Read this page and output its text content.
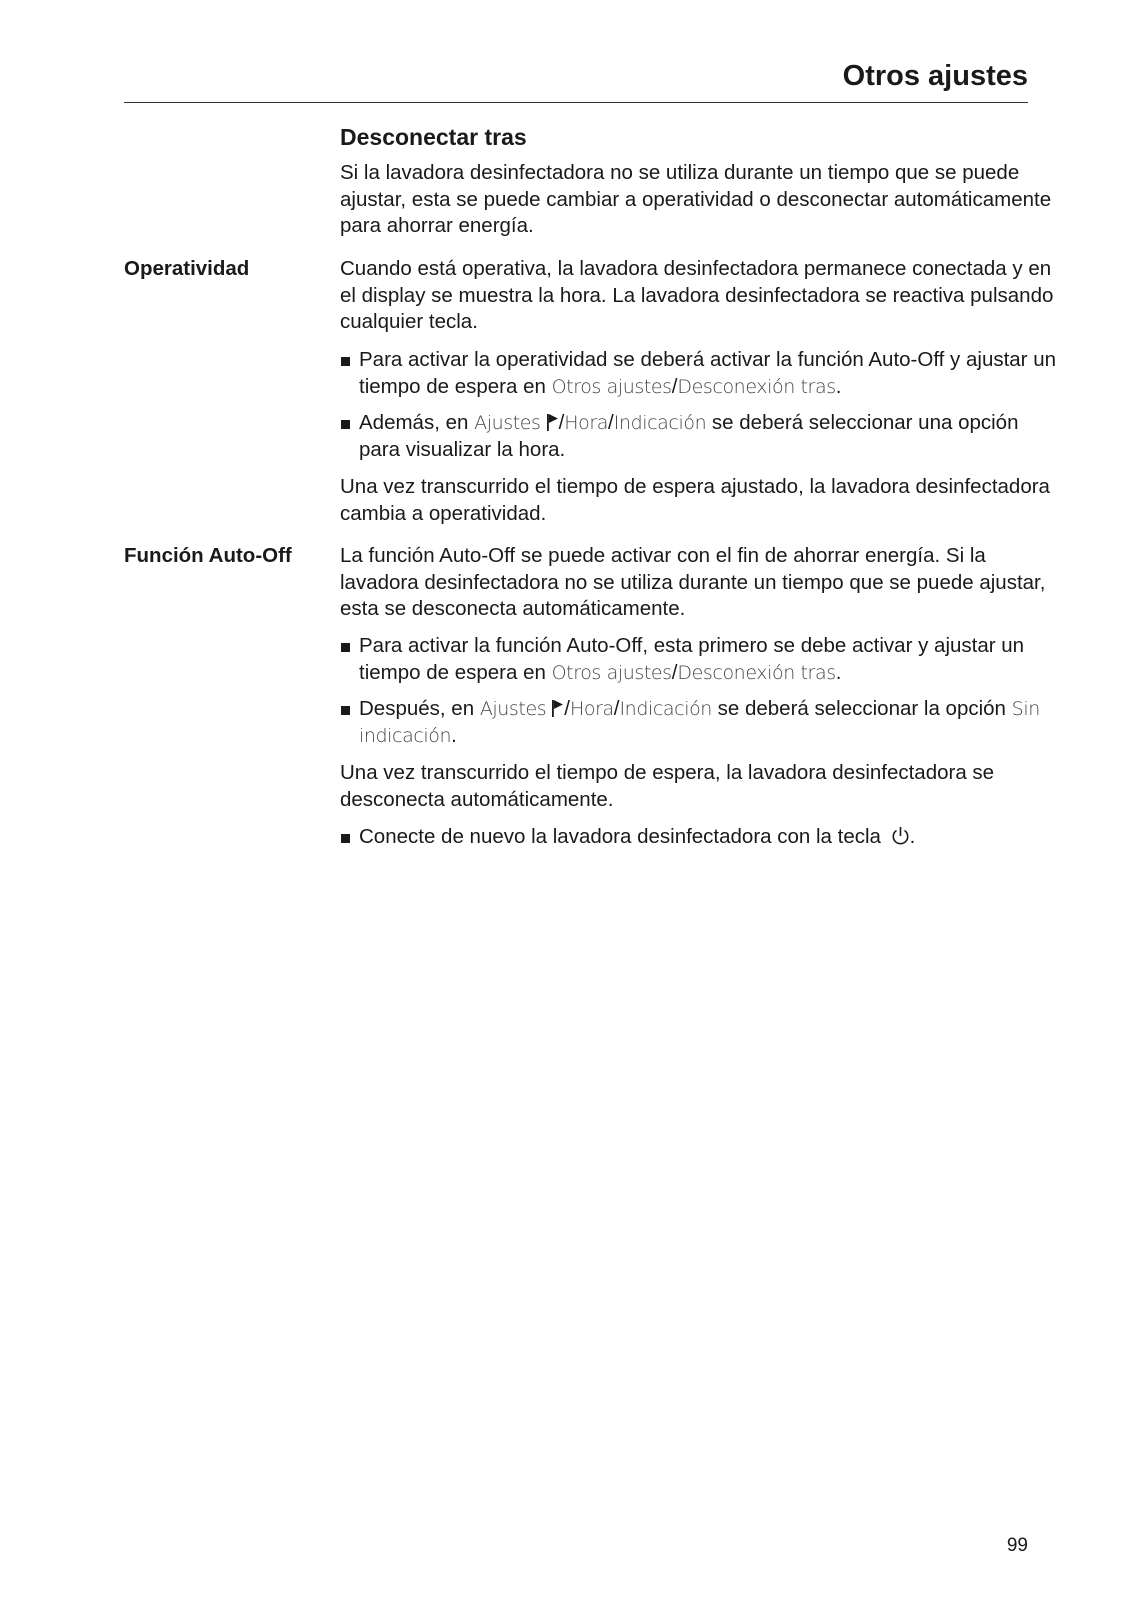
Otros ajustes
Desconectar tras
Si la lavadora desinfectadora no se utiliza durante un tiempo que se puede ajustar, esta se puede cambiar a operatividad o desconectar automáticamente para ahorrar energía.
Operatividad	Cuando está operativa, la lavadora desinfectadora permanece conectada y en el display se muestra la hora. La lavadora desinfectadora se reactiva pulsando cualquier tecla.
Para activar la operatividad se deberá activar la función Auto-Off y ajustar un tiempo de espera en Otros ajustes/Desconexión tras.
Además, en Ajustes /Hora/Indicación se deberá seleccionar una opción para visualizar la hora.
Una vez transcurrido el tiempo de espera ajustado, la lavadora desinfectadora cambia a operatividad.
Función Auto-Off La función Auto-Off se puede activar con el fin de ahorrar energía. Si la lavadora desinfectadora no se utiliza durante un tiempo que se puede ajustar, esta se desconecta automáticamente.
Para activar la función Auto-Off, esta primero se debe activar y ajustar un tiempo de espera en Otros ajustes/Desconexión tras.
Después, en Ajustes /Hora/Indicación se deberá seleccionar la opción Sin indicación.
Una vez transcurrido el tiempo de espera, la lavadora desinfectadora se desconecta automáticamente.
Conecte de nuevo la lavadora desinfectadora con la tecla .
99
